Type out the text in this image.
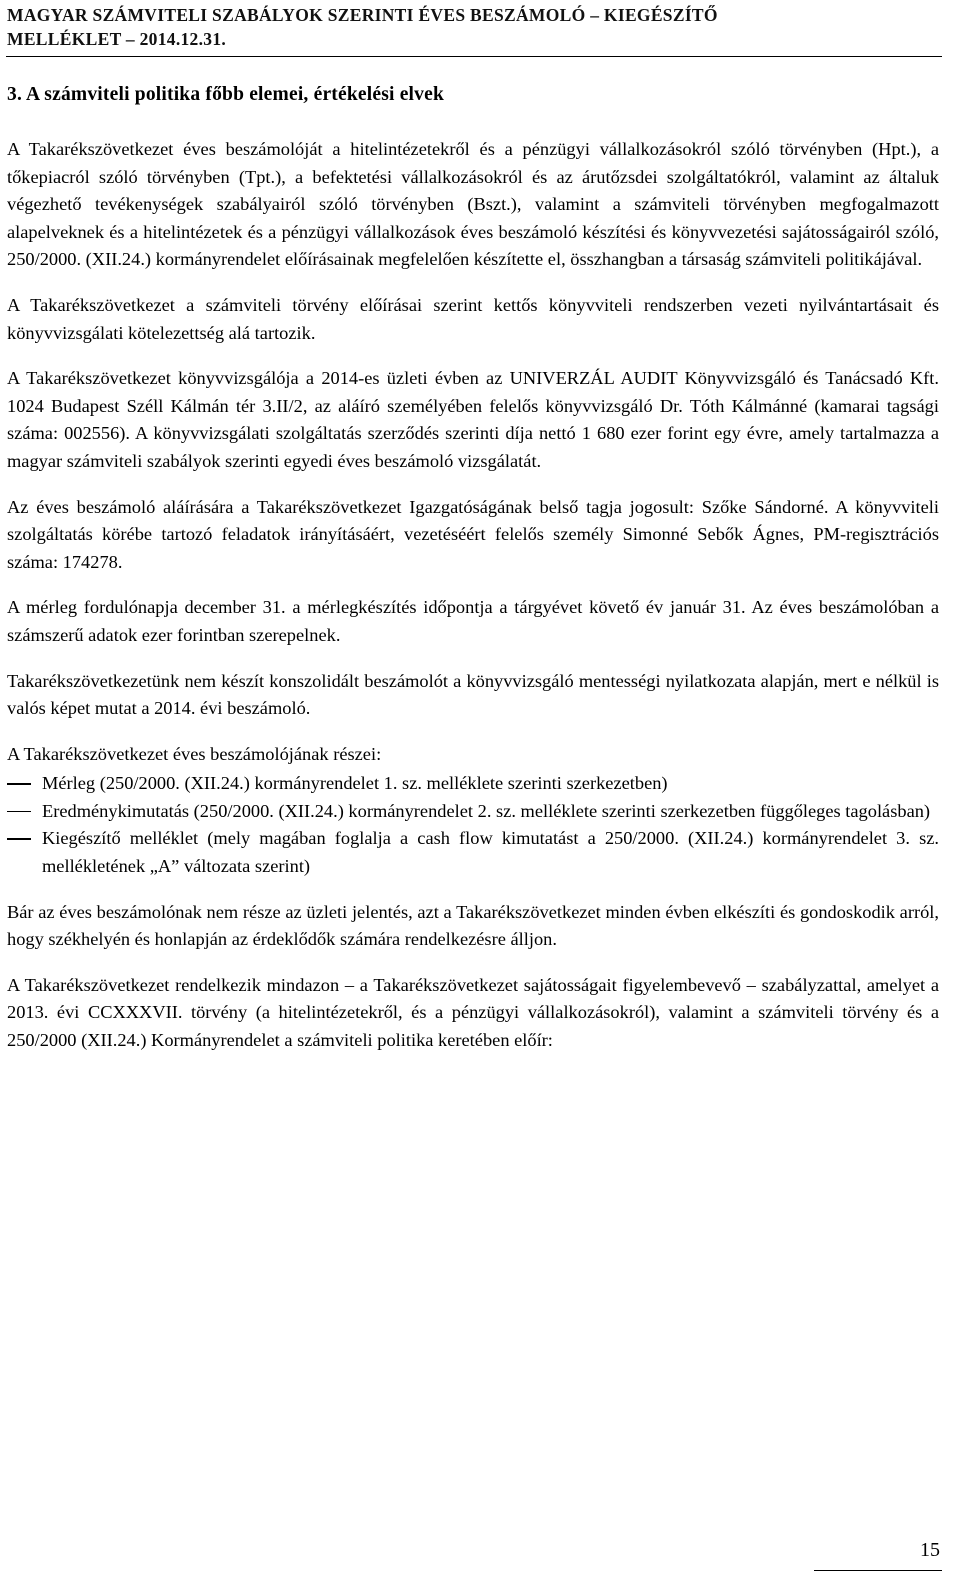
MAGYAR SZÁMVITELI SZABÁLYOK SZERINTI ÉVES BESZÁMOLÓ – KIEGÉSZÍTŐ
MELLÉKLET – 2014.12.31.
3. A számviteli politika főbb elemei, értékelési elvek

A Takarékszövetkezet éves beszámolóját a hitelintézetekről és a pénzügyi vállalkozásokról szóló törvényben (Hpt.), a tőkepiacról szóló törvényben (Tpt.), a befektetési vállalkozásokról és az árutőzsdei szolgáltatókról, valamint az általuk végezhető tevékenységek szabályairól szóló törvényben (Bszt.), valamint a számviteli törvényben megfogalmazott alapelveknek és a hitelintézetek és a pénzügyi vállalkozások éves beszámoló készítési és könyvvezetési sajátosságairól szóló, 250/2000. (XII.24.) kormányrendelet előírásainak megfelelően készítette el, összhangban a társaság számviteli politikájával.

A Takarékszövetkezet a számviteli törvény előírásai szerint kettős könyvviteli rendszerben vezeti nyilvántartásait és könyvvizsgálati kötelezettség alá tartozik.

A Takarékszövetkezet könyvvizsgálója a 2014-es üzleti évben az UNIVERZÁL AUDIT Könyvvizsgáló és Tanácsadó Kft. 1024 Budapest Széll Kálmán tér 3.II/2, az aláíró személyében felelős könyvvizsgáló Dr. Tóth Kálmánné (kamarai tagsági száma: 002556). A könyvvizsgálati szolgáltatás szerződés szerinti díja nettó 1 680 ezer forint egy évre, amely tartalmazza a magyar számviteli szabályok szerinti egyedi éves beszámoló vizsgálatát.

Az éves beszámoló aláírására a Takarékszövetkezet Igazgatóságának belső tagja jogosult: Szőke Sándorné. A könyvviteli szolgáltatás körébe tartozó feladatok irányításáért, vezetéséért felelős személy Simonné Sebők Ágnes, PM-regisztrációs száma: 174278.

A mérleg fordulónapja december 31. a mérlegkészítés időpontja a tárgyévet követő év január 31. Az éves beszámolóban a számszerű adatok ezer forintban szerepelnek.

Takarékszövetkezetünk nem készít konszolidált beszámolót a könyvvizsgáló mentességi nyilatkozata alapján, mert e nélkül is valós képet mutat a 2014. évi beszámoló.

A Takarékszövetkezet éves beszámolójának részei:

Mérleg (250/2000. (XII.24.) kormányrendelet 1. sz. melléklete szerinti szerkezetben)
Eredménykimutatás (250/2000. (XII.24.) kormányrendelet 2. sz. melléklete szerinti szerkezetben függőleges tagolásban)
Kiegészítő melléklet (mely magában foglalja a cash flow kimutatást a 250/2000. (XII.24.) kormányrendelet 3. sz. mellékletének „A” változata szerint)

Bár az éves beszámolónak nem része az üzleti jelentés, azt a Takarékszövetkezet minden évben elkészíti és gondoskodik arról, hogy székhelyén és honlapján az érdeklődők számára rendelkezésre álljon.

A Takarékszövetkezet rendelkezik mindazon – a Takarékszövetkezet sajátosságait figyelembevevő – szabályzattal, amelyet a 2013. évi CCXXXVII. törvény (a hitelintézetekről, és a pénzügyi vállalkozásokról), valamint a számviteli törvény és a 250/2000 (XII.24.) Kormányrendelet a számviteli politika keretében előír:

15
